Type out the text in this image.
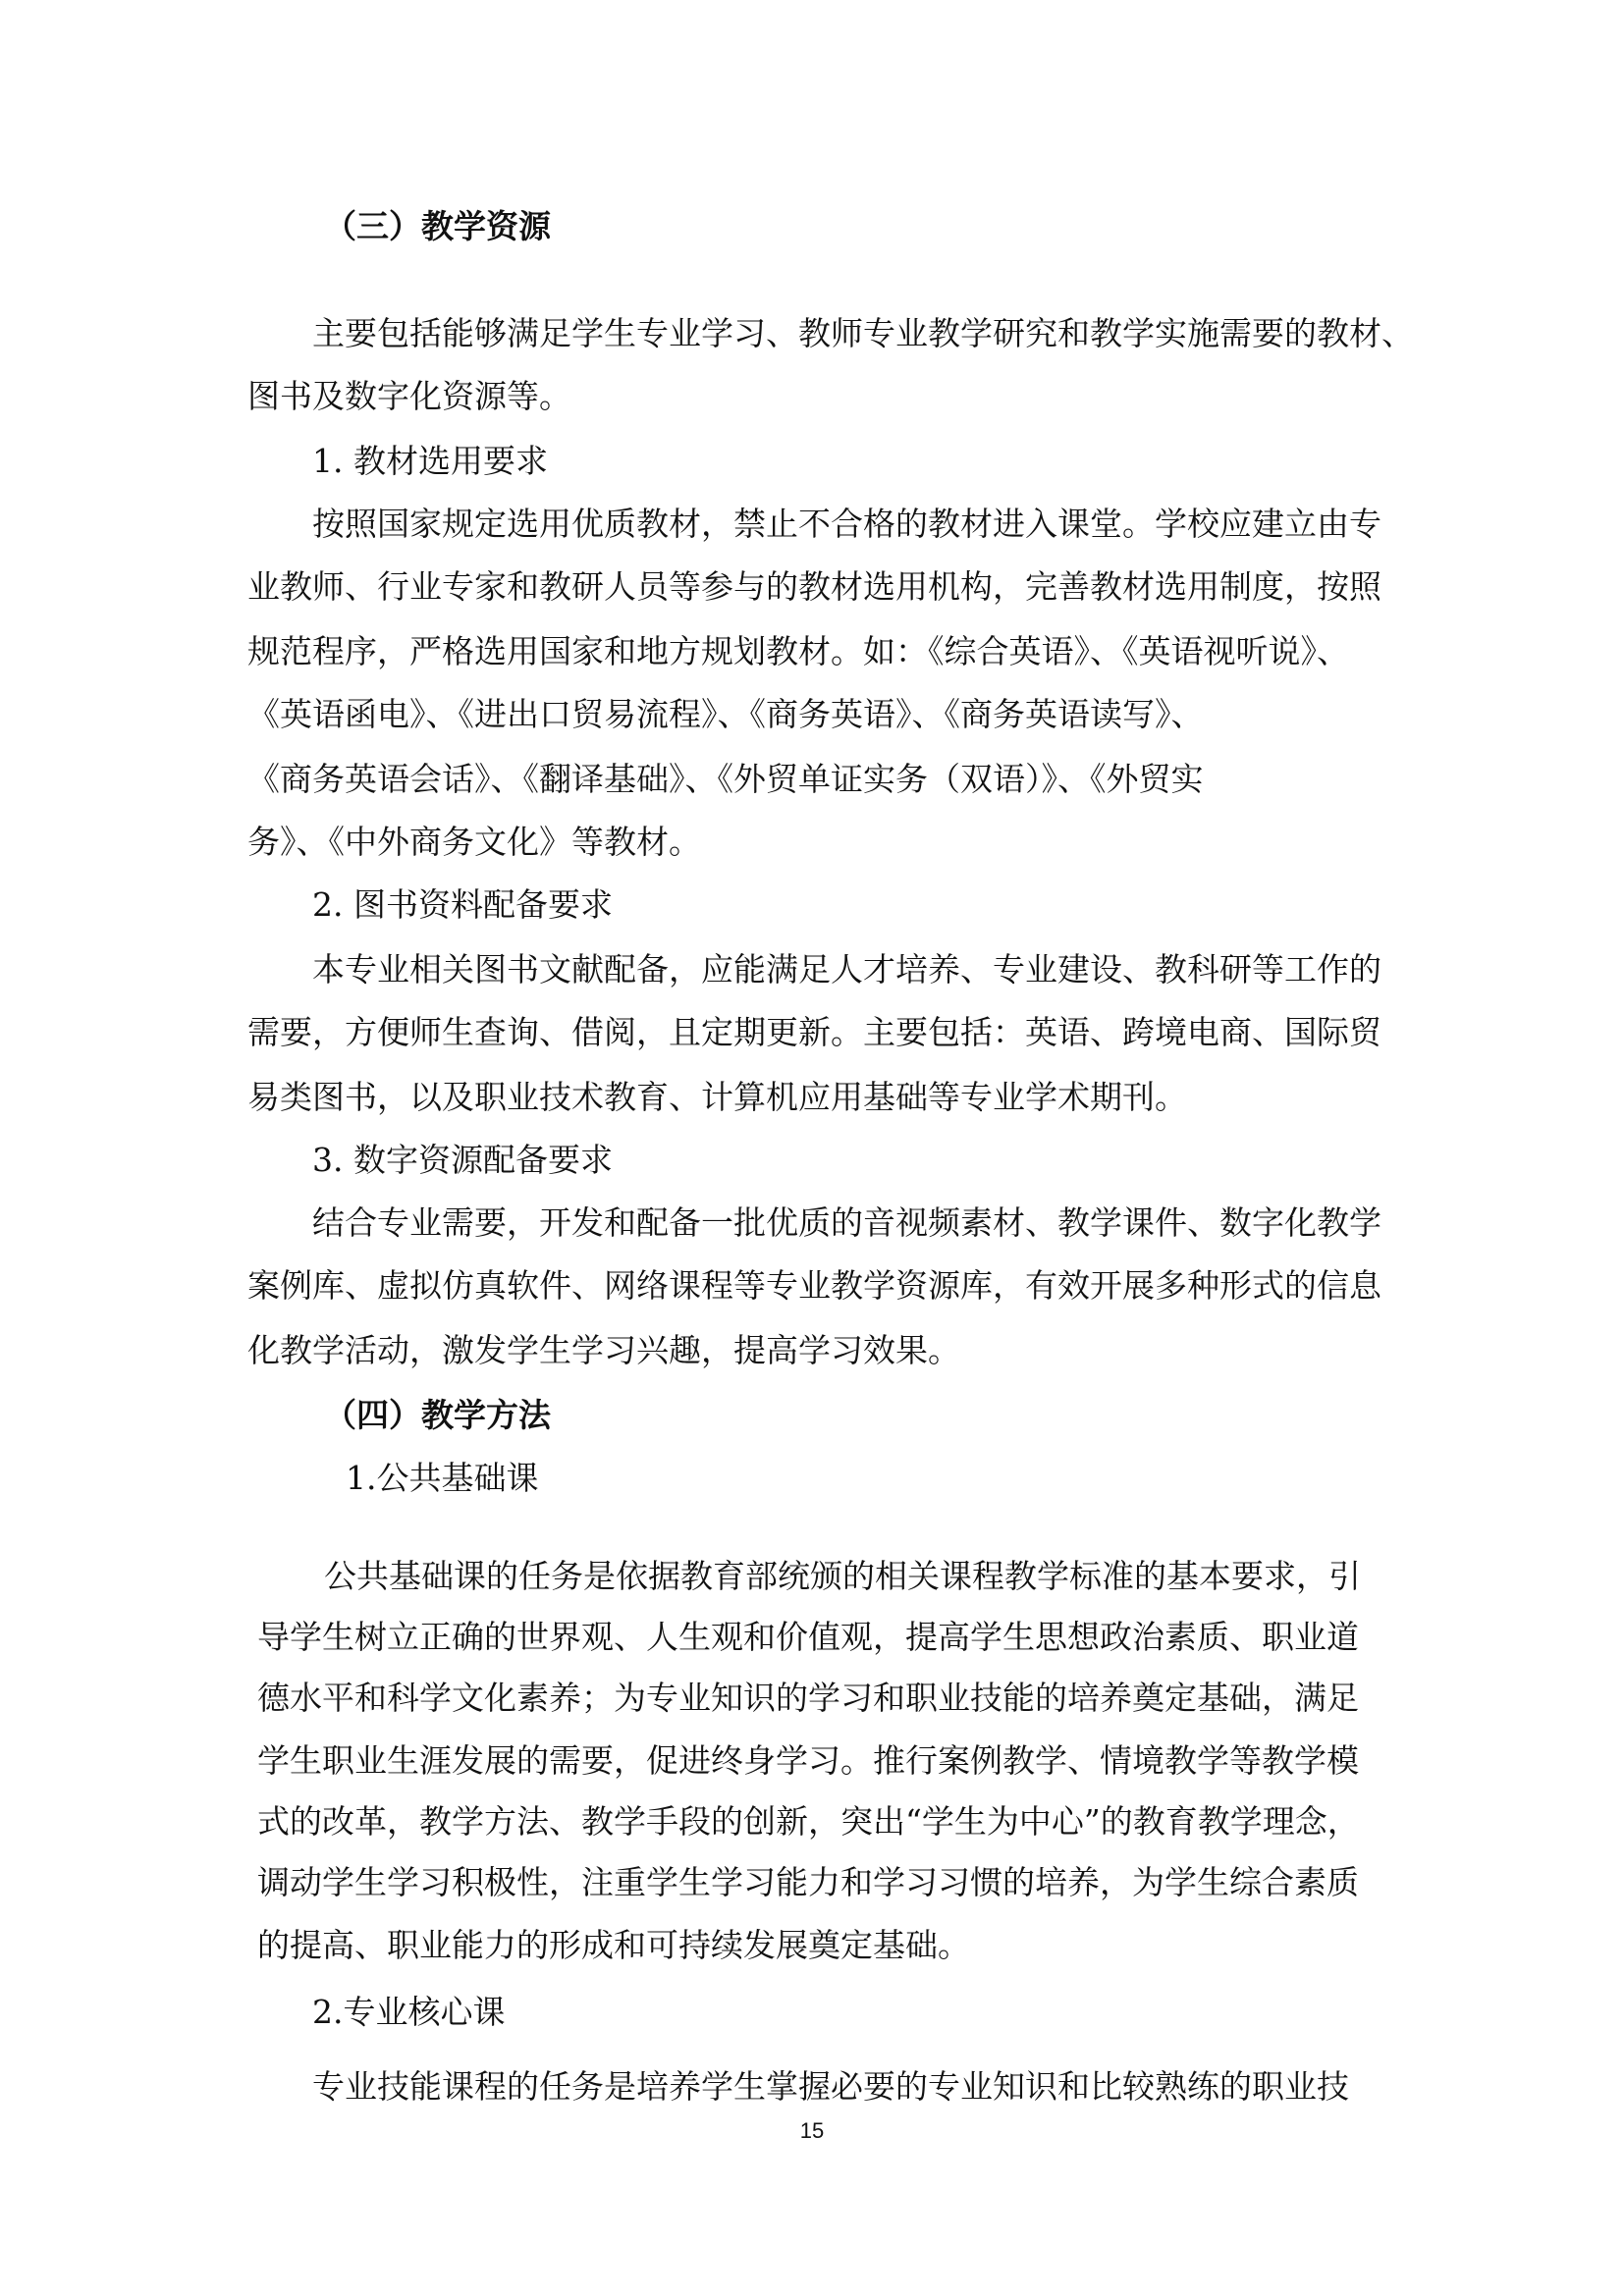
（三）教学资源
主要包括能够满足学生专业学习、教师专业教学研究和教学实施需要的教材、
图书及数字化资源等。
1. 教材选用要求
按照国家规定选用优质教材，禁止不合格的教材进入课堂。学校应建立由专
业教师、行业专家和教研人员等参与的教材选用机构，完善教材选用制度，按照
规范程序，严格选用国家和地方规划教材。如：《综合英语》、《英语视听说》、
《英语函电》、《进出口贸易流程》、《商务英语》、《商务英语读写》、
《商务英语会话》、《翻译基础》、《外贸单证实务（双语）》、《外贸实
务》、《中外商务文化》等教材。
2. 图书资料配备要求
本专业相关图书文献配备，应能满足人才培养、专业建设、教科研等工作的
需要，方便师生查询、借阅，且定期更新。主要包括：英语、跨境电商、国际贸
易类图书，以及职业技术教育、计算机应用基础等专业学术期刊。
3. 数字资源配备要求
结合专业需要，开发和配备一批优质的音视频素材、教学课件、数字化教学
案例库、虚拟仿真软件、网络课程等专业教学资源库，有效开展多种形式的信息
化教学活动，激发学生学习兴趣，提高学习效果。
（四）教学方法
1.公共基础课
公共基础课的任务是依据教育部统颁的相关课程教学标准的基本要求，引
导学生树立正确的世界观、人生观和价值观，提高学生思想政治素质、职业道
德水平和科学文化素养；为专业知识的学习和职业技能的培养奠定基础，满足
学生职业生涯发展的需要，促进终身学习。推行案例教学、情境教学等教学模
式的改革，教学方法、教学手段的创新，突出“学生为中心”的教育教学理念，
调动学生学习积极性，注重学生学习能力和学习习惯的培养，为学生综合素质
的提高、职业能力的形成和可持续发展奠定基础。
2.专业核心课
专业技能课程的任务是培养学生掌握必要的专业知识和比较熟练的职业技
15
